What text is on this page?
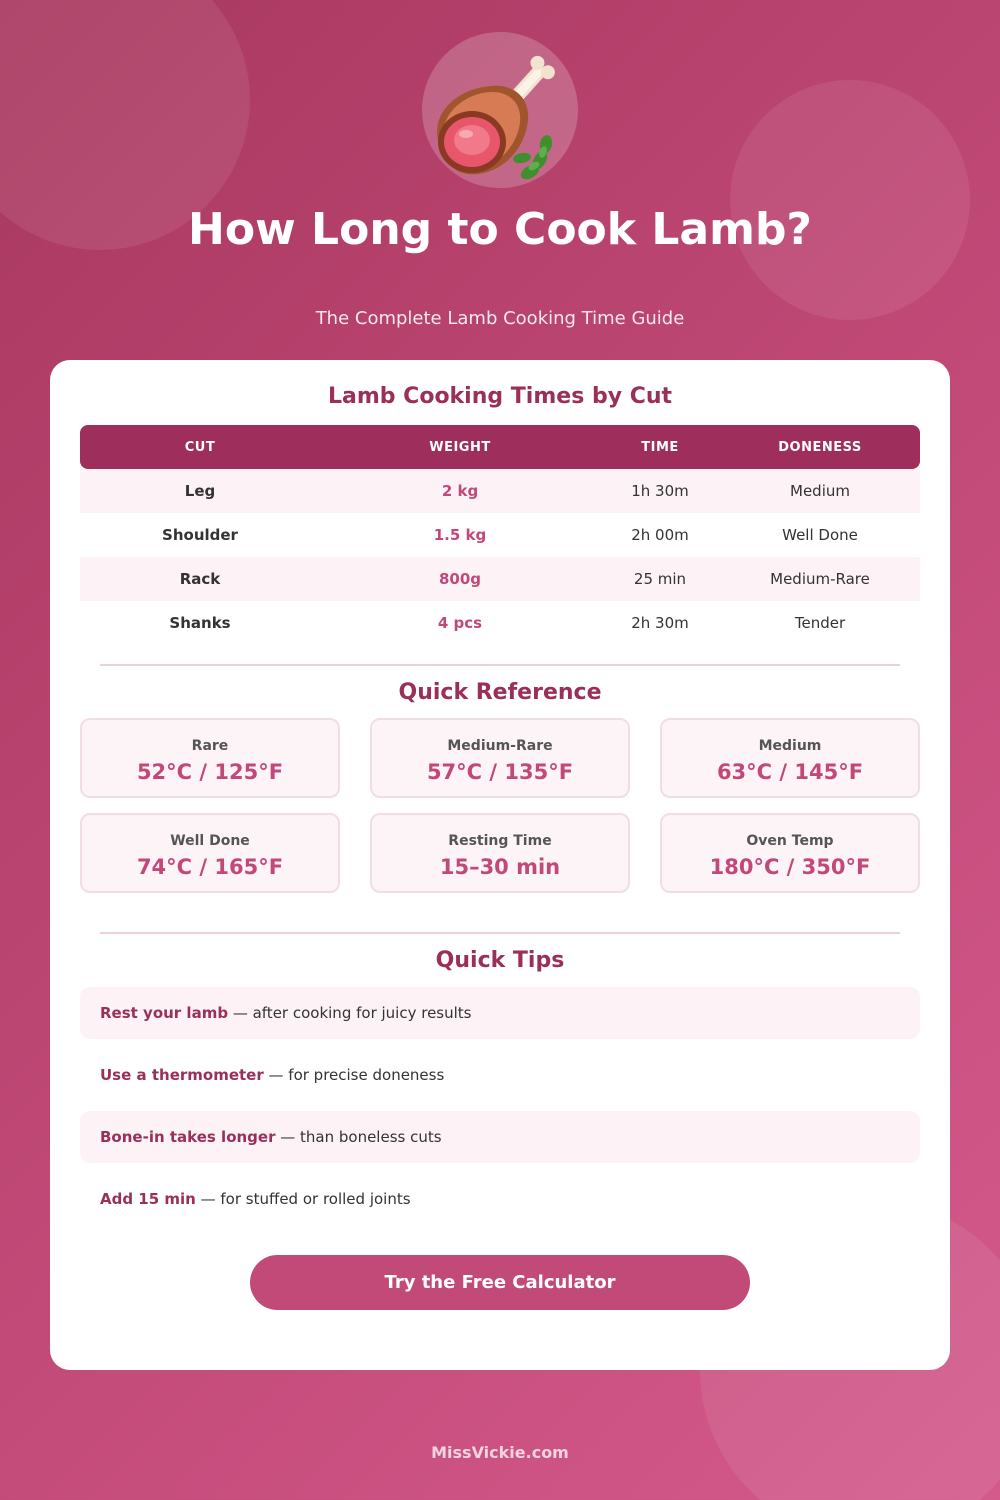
How Long to Cook Lamb?

The Complete Lamb Cooking Time Guide

Lamb Cooking Times by Cut
CUT	WEIGHT	TIME	DONENESS
Leg	2 kg	1h 30m	Medium
Shoulder	1.5 kg	2h 00m	Well Done
Rack	800g	25 min	Medium-Rare
Shanks	4 pcs	2h 30m	Tender
Quick Reference
Rare
52°C / 125°F
Medium-Rare
57°C / 135°F
Medium
63°C / 145°F
Well Done
74°C / 165°F
Resting Time
15–30 min
Oven Temp
180°C / 350°F
Quick Tips
Rest your lamb — after cooking for juicy results
Use a thermometer — for precise doneness
Bone-in takes longer — than boneless cuts
Add 15 min — for stuffed or rolled joints
Try the Free Calculator
MissVickie.com
